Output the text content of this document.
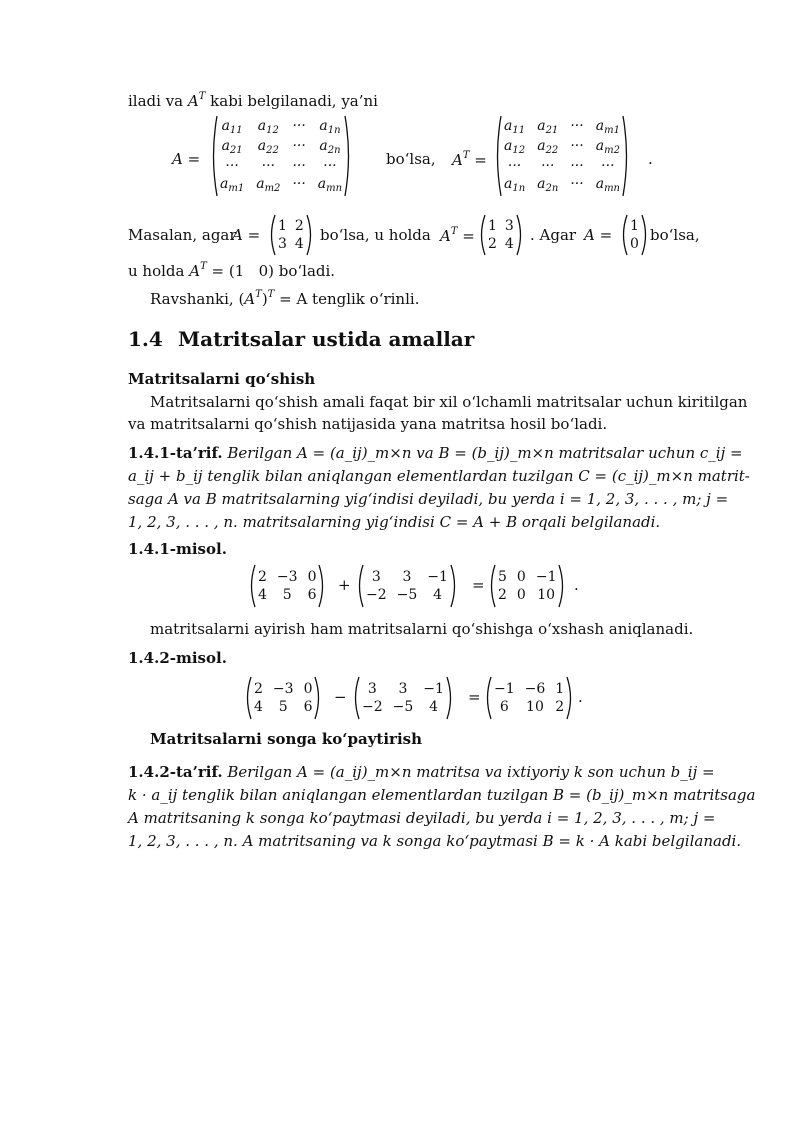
iladi va $A^T$ kabi belgilanadi, ya’ni
A =
$a_{11}$ $a_{12}$ ··· $a_{1n}$
$a_{21}$ $a_{22}$ ··· $a_{2n}$
···	···	···	···
$a_{m1}$ $a_{m2}$ ··· $a_{mn}$
bo‘lsa, $A^T$ =
$a_{11}$ $a_{21}$ ··· $a_{m1}$
$a_{12}$ $a_{22}$ ··· $a_{m2}$
··· ··· ···	···
$a_{1n}$ $a_{2n}$ ··· $a_{mn}$
.
Masalan, agar
A = 1 2
3 4 bo‘lsa, u holda $A^T$ =
1 3
2 4 . Agar A = 1
0 bo‘lsa,
u holda $A^T = (1$   0) bo‘ladi.
Ravshanki, $(A^T)^T = A$ tenglik o‘rinli.
1.4 Matritsalar ustida amallar
Matritsalarni qo‘shish
Matritsalarni qo‘shish amali faqat bir xil o‘lchamli matritsalar uchun kiritilgan
va matritsalarni qo‘shish natijasida yana matritsa hosil bo‘ladi.
1.4.1-ta’rif. Berilgan A = (a_ij)_m×n va B = (b_ij)_m×n matritsalar uchun c_ij =
a_ij + b_ij tenglik bilan aniqlangan elementlardan tuzilgan C = (c_ij)_m×n matrit-
saga A va B matritsalarning yig‘indisi deyiladi, bu yerda i = 1, 2, 3, . . . , m; j =
1, 2, 3, . . . , n. matritsalarning yig‘indisi C = A + B orqali belgilanadi.
1.4.1-misol.
2 −3 0
4	5	6
+	3	3	−1
−2 −5	4
= 5 0 −1
2 0 10
.
matritsalarni ayirish ham matritsalarni qo‘shishga o‘xshash aniqlanadi.
1.4.2-misol.
2 −3 0
4	5	6
−	3	3	−1
−2 −5	4
= −1 −6 1
6	10 2
.
Matritsalarni songa ko‘paytirish
1.4.2-ta’rif. Berilgan A = (a_ij)_m×n matritsa va ixtiyoriy k son uchun b_ij =
k · a_ij tenglik bilan aniqlangan elementlardan tuzilgan B = (b_ij)_m×n matritsaga
A matritsaning k songa ko‘paytmasi deyiladi, bu yerda i = 1, 2, 3, . . . , m; j =
1, 2, 3, . . . , n. A matritsaning va k songa ko‘paytmasi B = k · A kabi belgilanadi.
